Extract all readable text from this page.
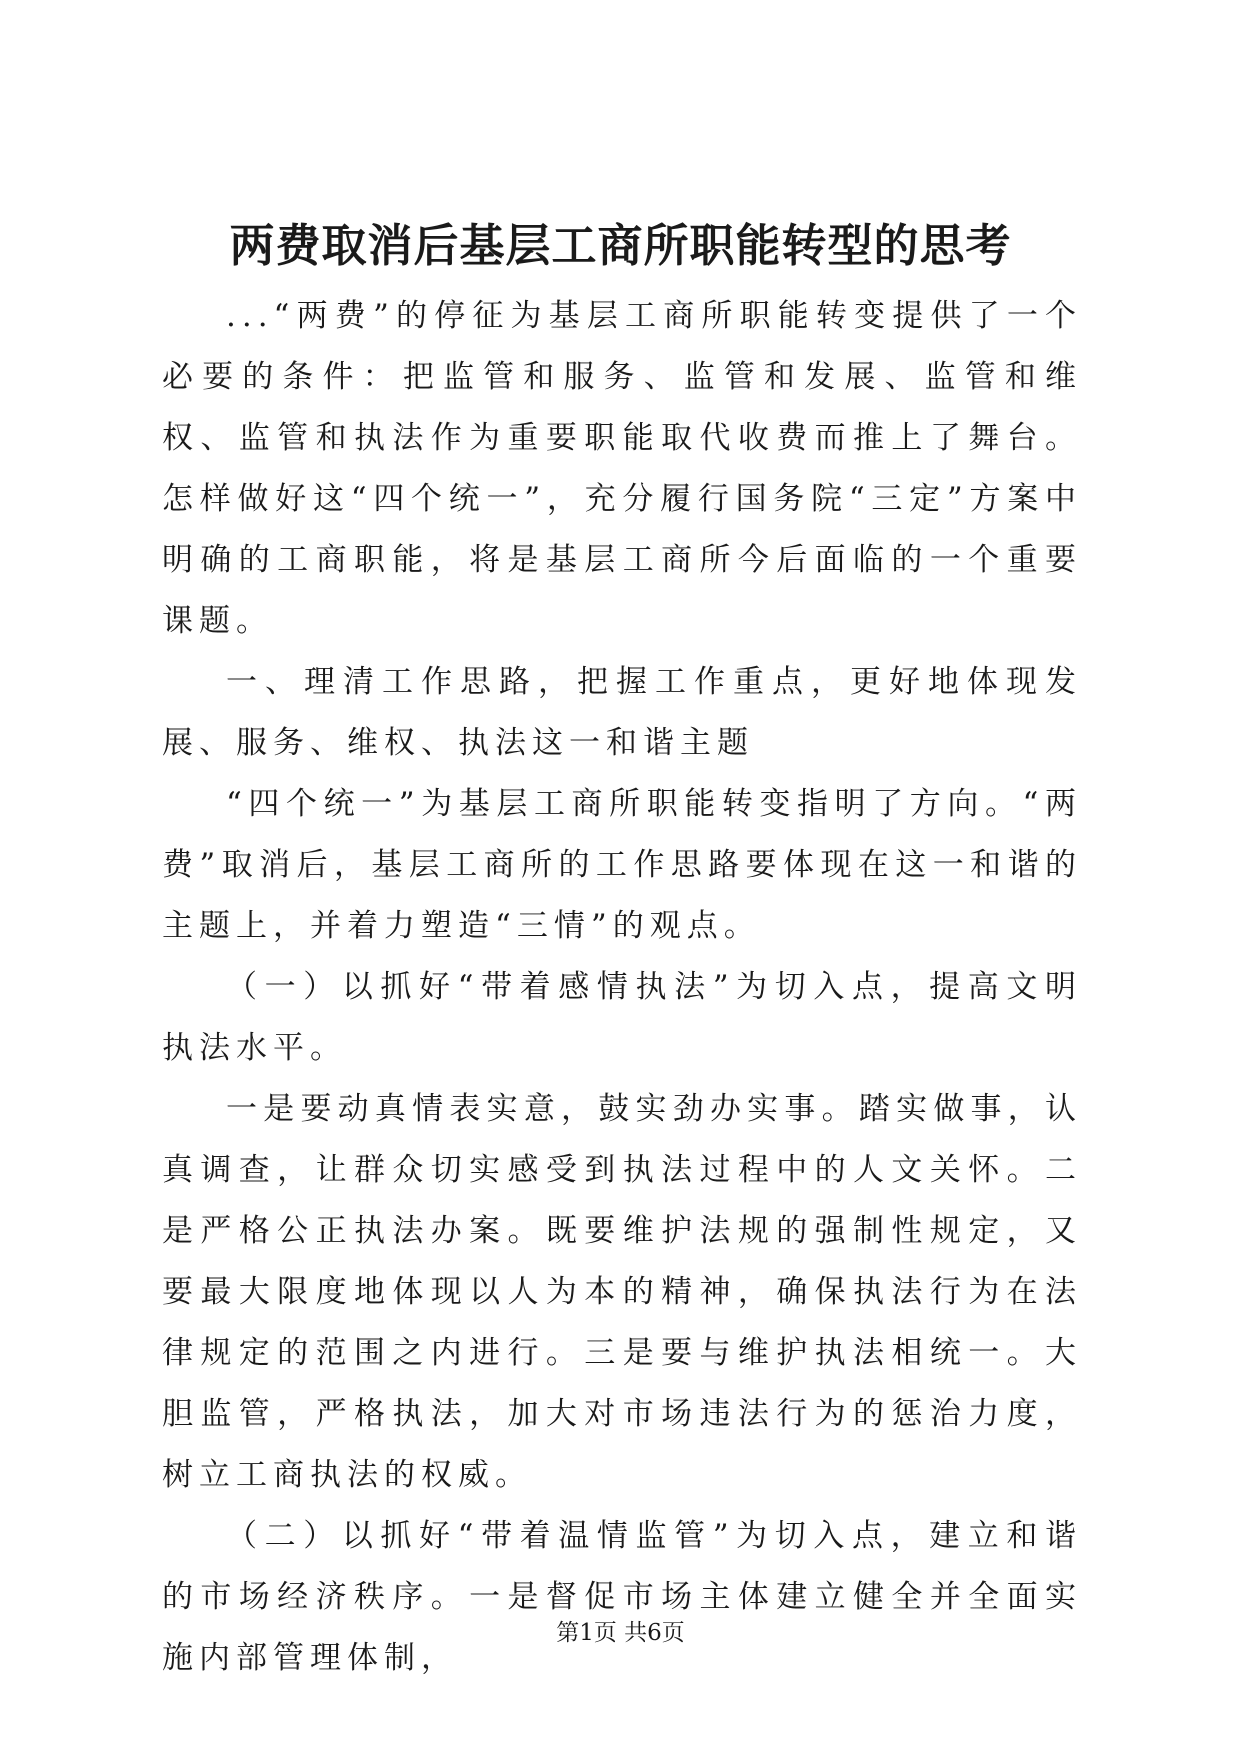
两费取消后基层工商所职能转型的思考

...“两费”的停征为基层工商所职能转变提供了一个必要的条件：把监管和服务、监管和发展、监管和维权、监管和执法作为重要职能取代收费而推上了舞台。怎样做好这“四个统一”，充分履行国务院“三定”方案中明确的工商职能，将是基层工商所今后面临的一个重要课题。

一、理清工作思路，把握工作重点，更好地体现发展、服务、维权、执法这一和谐主题

“四个统一”为基层工商所职能转变指明了方向。“两费”取消后，基层工商所的工作思路要体现在这一和谐的主题上，并着力塑造“三情”的观点。

（一）以抓好“带着感情执法”为切入点，提高文明执法水平。

一是要动真情表实意，鼓实劲办实事。踏实做事，认真调查，让群众切实感受到执法过程中的人文关怀。二是严格公正执法办案。既要维护法规的强制性规定，又要最大限度地体现以人为本的精神，确保执法行为在法律规定的范围之内进行。三是要与维护执法相统一。大胆监管，严格执法，加大对市场违法行为的惩治力度，树立工商执法的权威。

（二）以抓好“带着温情监管”为切入点，建立和谐的市场经济秩序。一是督促市场主体建立健全并全面实施内部管理体制，

第1页 共6页
